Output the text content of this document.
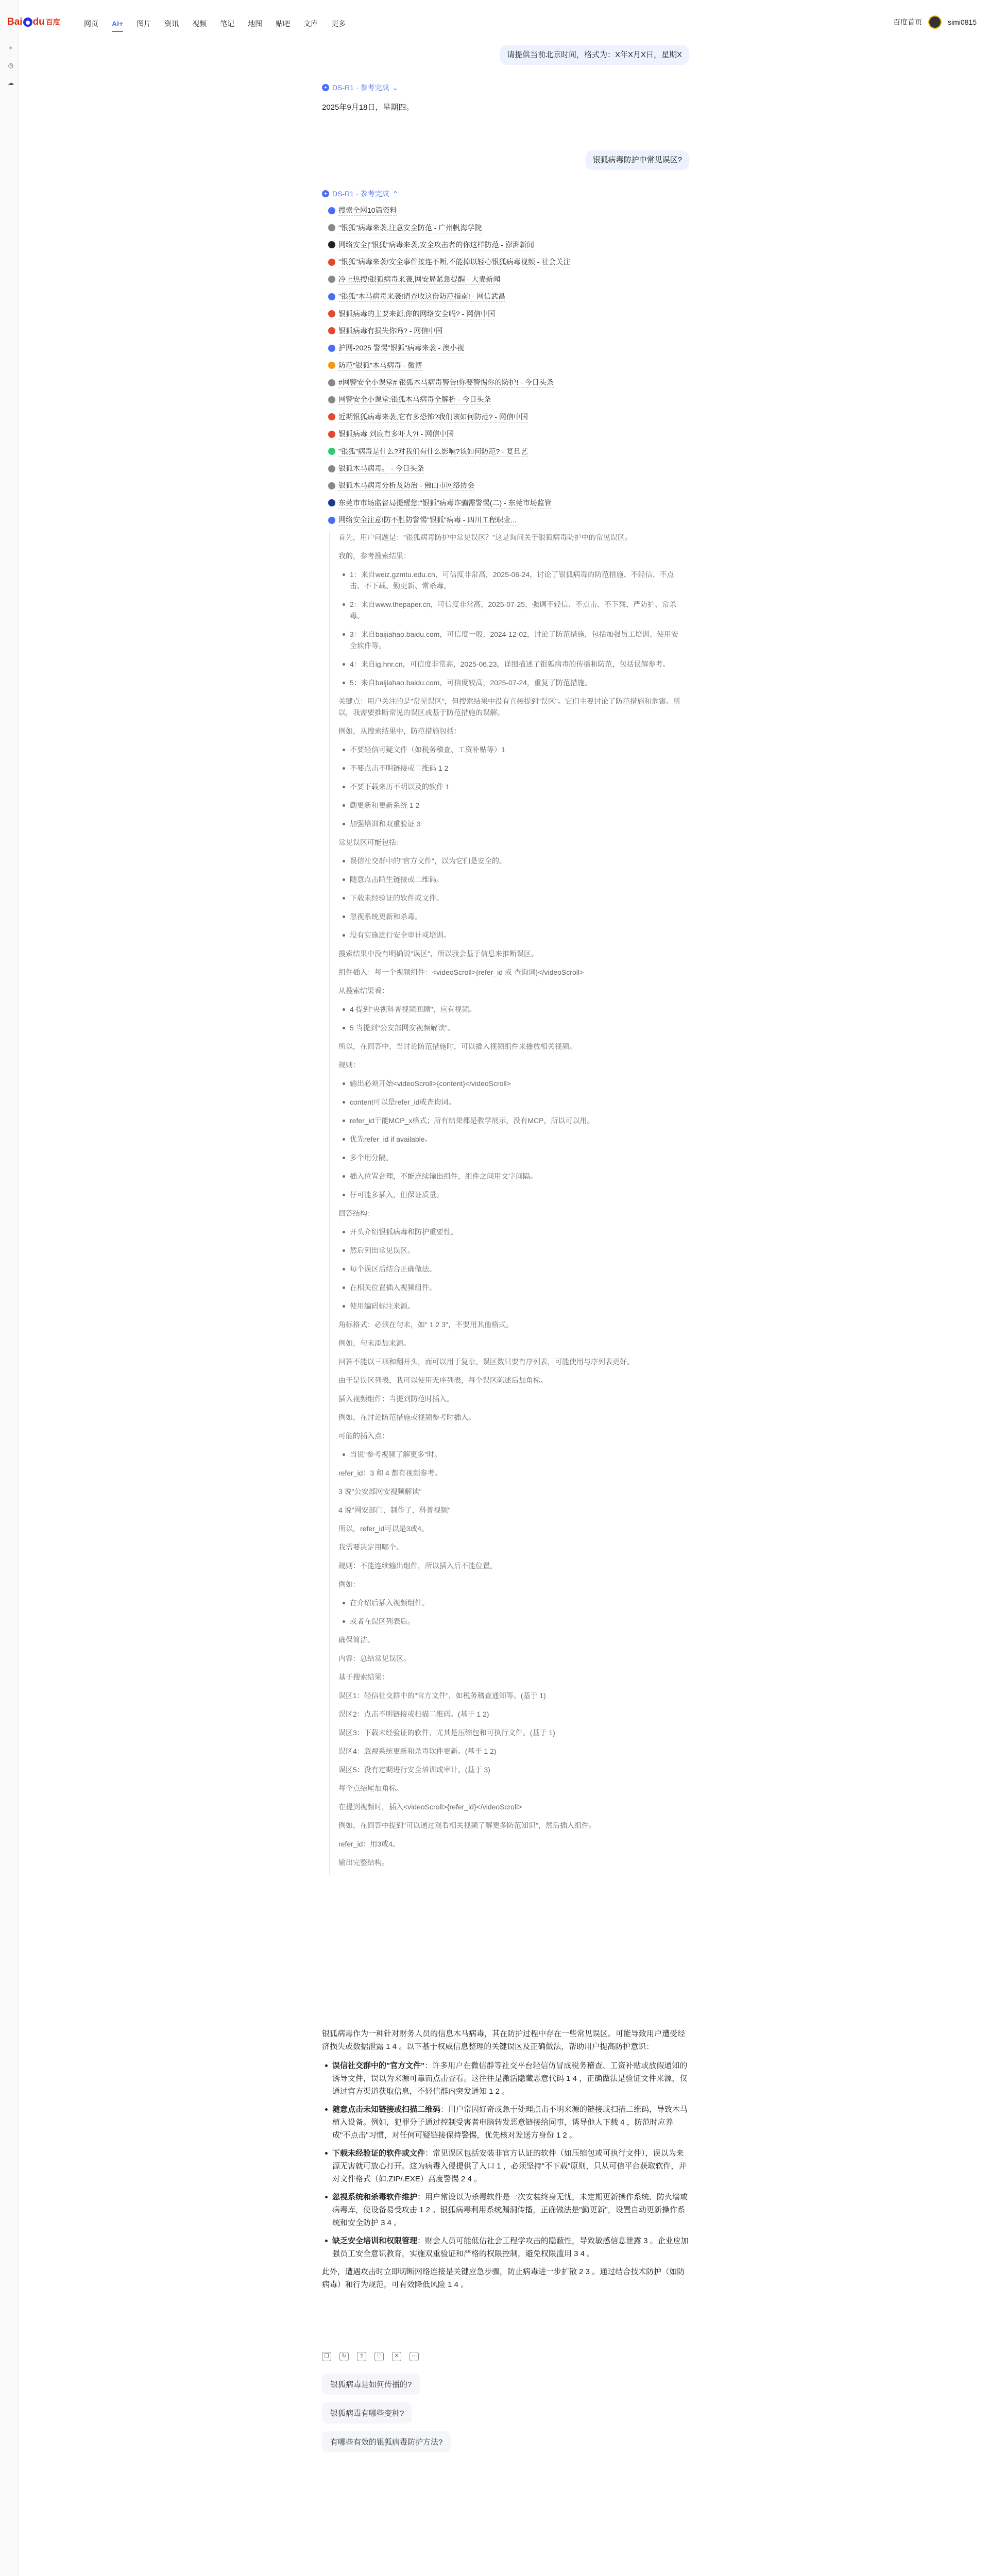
+
◷
☁
Bai du 百度	网页	AI+	图片	资讯	视频	笔记	地图	贴吧	文库	更多	百度首页	simi0815
请提供当前北京时间，格式为：X年X月X日，星期X
✦ DS-R1 · 参考完成 ⌄
2025年9月18日，星期四。
银狐病毒防护中常见误区?
✦ DS-R1 · 参考完成 ⌃
搜索全网10篇资料
"银狐"病毒来袭,注意安全防范 - 广州帆海学院
网络安全|"银狐"病毒来袭,安全攻击者的你这样防范 - 澎湃新闻
"银狐"病毒来袭!安全事件接连不断,不能掉以轻心银狐病毒视频 - 社会关注
冷上热搜!银狐病毒来袭,网安局紧急提醒 - 大麦新闻
"银狐"木马病毒来袭!请查收这份防范指南! - 网信武昌
银狐病毒的主要来源,你的网络安全吗? - 网信中国
银狐病毒有损失你吗? - 网信中国
护网-2025 警惕"银狐"病毒来袭 - 澳小视
防范"银狐"木马病毒 - 微博
#网警安全小课堂# 银狐木马病毒警告!你要警惕你的防护! - 今日头条
网警安全小课堂:银狐木马病毒全解析 - 今日头条
近期银狐病毒来袭,它有多恐怖?我们该如何防范? - 网信中国
银狐病毒 到底有多吓人?! - 网信中国
"银狐"病毒是什么?对我们有什么影响?该如何防范? - 复旦艺
银狐木马病毒。 - 今日头条
银狐木马病毒分析及防治 - 佛山市网络协会
东莞市市场监督局提醒您:"银狐"病毒诈骗需警惕(二) - 东莞市场监管
网络安全注意!防不胜防警惕"银狐"病毒 - 四川工程职业...

首先，用户问题是："银狐病毒防护中常见误区？"这是询问关于银狐病毒防护中的常见误区。

我的，参考搜索结果：

1：来自weiz.gzmtu.edu.cn，可信度非常高，2025-06-24，讨论了银狐病毒的防范措施、不轻信、不点击、不下载、勤更新、常杀毒。
2：来自www.thepaper.cn，可信度非常高，2025-07-25，强调不轻信、不点击、不下载、严防护、常杀毒。
3：来自baijiahao.baidu.com，可信度一般，2024-12-02，讨论了防范措施，包括加强员工培训、使用安全软件等。
4：来自ig.hnr.cn，可信度非常高，2025-06.23，详细描述了银狐病毒的传播和防范，包括误解参考。
5：来自baijiahao.baidu.com，可信度较高，2025-07-24，重复了防范措施。

关键点：用户关注的是"常见误区"，但搜索结果中没有直接提到"误区"。它们主要讨论了防范措施和危害。所以，我需要推断常见的误区或基于防范措施的误解。

例如，从搜索结果中，防范措施包括：

不要轻信可疑文件（如税务稽查、工资补贴等）1
不要点击不明链接或二维码 1 2
不要下载来历不明以及的软件 1
勤更新和更新系统 1 2
加强培训和双重验证 3

常见误区可能包括：

误信社交群中的"官方文件"，以为它们是安全的。
随意点击陌生链接或二维码。
下载未经验证的软件或文件。
忽视系统更新和杀毒。
没有实施进行安全审计或培训。

搜索结果中没有明确说"误区"，所以我会基于信息来推断误区。

组件插入：每一个视频组件：<videoScroll>{refer_id 或 查询词}</videoScroll>

从搜索结果看：

4 提到"央视科普视频回顾"，应有视频。
5 当提到"公安部网安视频解读"。

所以，在回答中，当讨论防范措施时，可以插入视频组件来播放相关视频。

规则：

输出必须开始<videoScroll>{content}</videoScroll>
content可以是refer_id或查询词。
refer_id干能MCP_x格式；所有结果都是教学展示，没有MCP，所以可以用。
优先refer_id if available。
多个用分隔。
插入位置合理，不能连续输出组件，组件之间用文字间隔。
仔可能多插入，但保证质量。

回答结构：

开头介绍银狐病毒和防护重要性。
然后列出常见误区。
每个误区后结合正确做法。
在相关位置插入视频组件。
使用编码标注来源。

角标格式：必须在句末，如" 1 2 3"，不要用其他格式。

例如，句末添加来源。

回答不能以三项和翻开头，而可以用于复杂。误区数只要有序列表，可能使用与序列表更好。

由于是误区列表，我可以使用无序列表，每个误区陈述后加角标。

插入视频组件：当提到防范时插入。

例如，在讨论防范措施或视频参考时插入。

可能的插入点：

当说"参考视频了解更多"时。

refer_id：3 和 4 都有视频参考。

3 说"公安部网安视频解读"

4 说"网安部门，制作了，科普视频"

所以，refer_id可以是3或4。

我需要决定用哪个。

规则：不能连续输出组件，所以插入后不能位置。

例如：

在介绍后插入视频组件。
或者在误区列表后。

确保简洁。

内容：总结常见误区。

基于搜索结果：

误区1：轻信社交群中的"官方文件"，如税务稽查通知等。(基于 1)

误区2：点击不明链接或扫描二维码。(基于 1 2)

误区3：下载未经验证的软件，尤其是压缩包和可执行文件。(基于 1)

误区4：忽视系统更新和杀毒软件更新。(基于 1 2)

误区5：没有定期进行安全培训或审计。(基于 3)

每个点结尾加角标。

在提到视频时，插入<videoScroll>{refer_id}</videoScroll>

例如，在回答中提到"可以通过观看相关视频了解更多防范知识"，然后插入组件。

refer_id：用3或4。

输出完整结构。

银狐病毒作为一种针对财务人员的信息木马病毒，其在防护过程中存在一些常见误区。可能导致用户遭受经济损失或数据泄露 1 4 。以下基于权威信息整理的关键误区及正确做法，帮助用户提高防护意识：

误信社交群中的"官方文件"：许多用户在微信群等社交平台轻信仿冒成税务稽查、工资补贴或放假通知的诱导文件，误以为来源可靠而点击查看。这往往是激活隐藏恶意代码 1 4 ，正确做法是验证文件来源，仅通过官方渠道获取信息，不轻信群内突发通知 1 2 。
随意点击未知链接或扫描二维码：用户常因好奇或急于处理点击不明来源的链接或扫描二维码，导致木马植入设备。例如，犯罪分子通过控制受害者电脑转发恶意链接给同事，诱导他人下载 4 ，防范时应养成"不点击"习惯，对任何可疑链接保持警惕，优先核对发送方身份 1 2 。
下载未经验证的软件或文件：常见误区包括安装非官方认证的软件（如压缩包或可执行文件），误以为来源无害就可放心打开。这为病毒入侵提供了入口 1 ，必须坚持"不下载"原则，只从可信平台获取软件，并对文件格式（如.ZIP/.EXE）高度警惕 2 4 。
忽视系统和杀毒软件维护：用户常设以为杀毒软件是一次安装终身无忧，未定期更新操作系统、防火墙或病毒库，使设备易受攻击 1 2 。银狐病毒利用系统漏洞传播，正确做法是"勤更新"，设置自动更新操作系统和安全防护 3 4 。
缺乏安全培训和权限管理：财会人员可能低估社会工程学攻击的隐蔽性，导致敏感信息泄露 3 。企业应加强员工安全意识教育，实施双重验证和严格的权限控制，避免权限滥用 3 4 。

此外，遭遇攻击时立即切断网络连接是关键应急步骤，防止病毒进一步扩散 2 3 。通过结合技术防护（如防病毒）和行为规范，可有效降低风险 1 4 。

❐	↻	⇪	♡	✕	⋯
银狐病毒是如何传播的?
银狐病毒有哪些变种?
有哪些有效的银狐病毒防护方法?
